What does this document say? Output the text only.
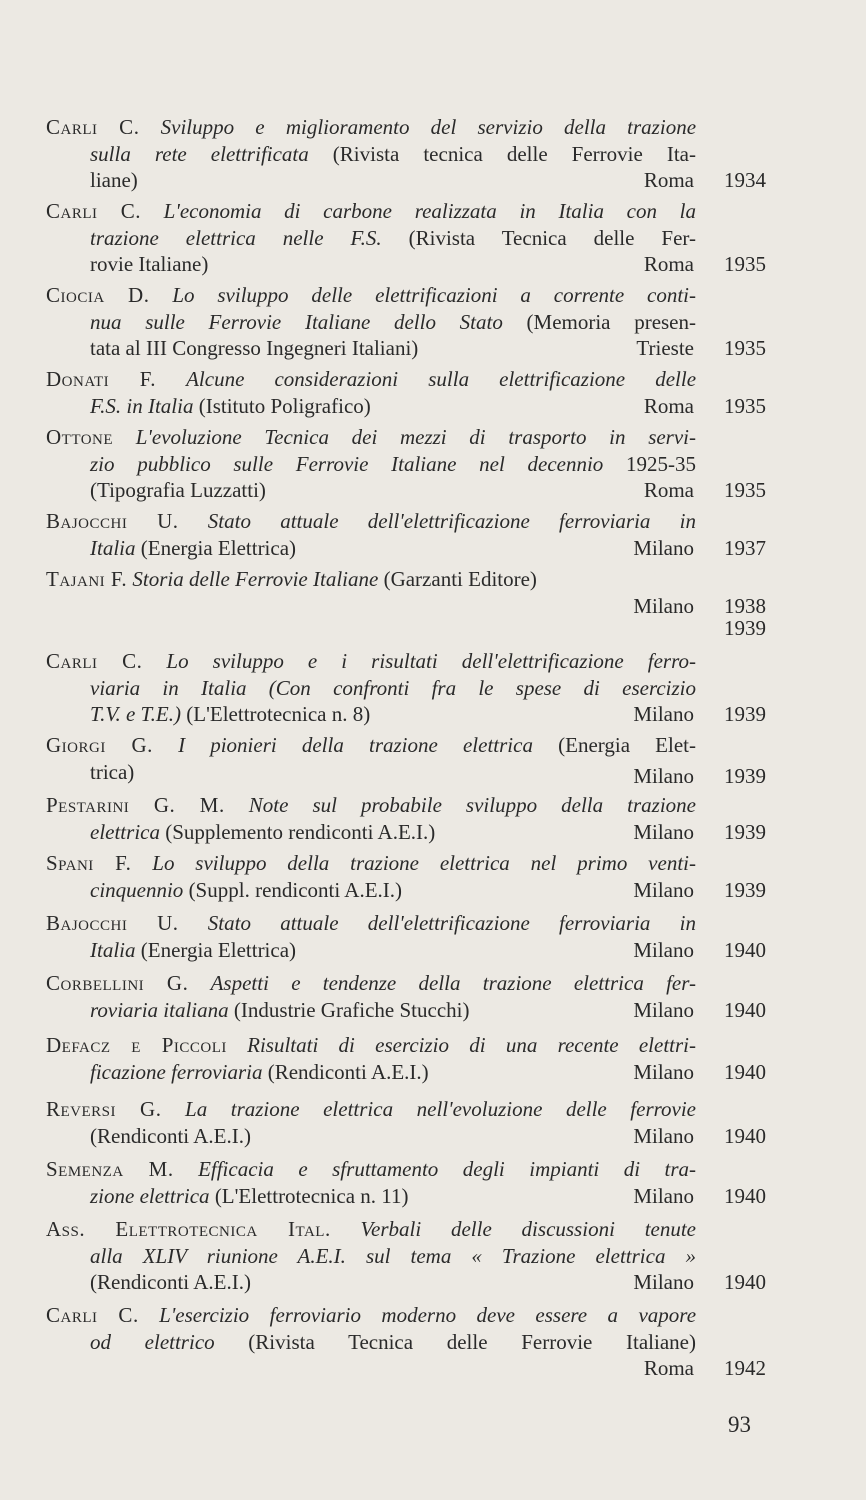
Carli C. Sviluppo e miglioramento del servizio della trazione
sulla rete elettrificata (Rivista tecnica delle Ferrovie Ita-
liane)	Roma 1934
Carli C. L'economia di carbone realizzata in Italia con la
trazione elettrica nelle F.S. (Rivista Tecnica delle Fer-
rovie Italiane)	Roma 1935
Ciocia D. Lo sviluppo delle elettrificazioni a corrente conti-
nua sulle Ferrovie Italiane dello Stato (Memoria presen-
tata al III Congresso Ingegneri Italiani)	Trieste 1935
Donati F. Alcune considerazioni sulla elettrificazione delle
F.S. in Italia (Istituto Poligrafico)	Roma 1935
Ottone L'evoluzione Tecnica dei mezzi di trasporto in servi-
zio pubblico sulle Ferrovie Italiane nel decennio 1925-35
(Tipografia Luzzatti)	Roma 1935
Bajocchi U. Stato attuale dell'elettrificazione ferroviaria in
Italia (Energia Elettrica)	Milano 1937
Tajani F. Storia delle Ferrovie Italiane (Garzanti Editore)
Milano 1938
1939
Carli C. Lo sviluppo e i risultati dell'elettrificazione ferro-
viaria in Italia (Con confronti fra le spese di esercizio
T.V. e T.E.) (L'Elettrotecnica n. 8)	Milano 1939
Giorgi G. I pionieri della trazione elettrica (Energia Elet-
trica)	Milano 1939
Pestarini G. M. Note sul probabile sviluppo della trazione
elettrica (Supplemento rendiconti A.E.I.)	Milano 1939
Spani F. Lo sviluppo della trazione elettrica nel primo venti-
cinquennio (Suppl. rendiconti A.E.I.)	Milano 1939
Bajocchi U. Stato attuale dell'elettrificazione ferroviaria in
Italia (Energia Elettrica)	Milano 1940
Corbellini G. Aspetti e tendenze della trazione elettrica fer-
roviaria italiana (Industrie Grafiche Stucchi)	Milano 1940
Defacz e Piccoli Risultati di esercizio di una recente elettri-
ficazione ferroviaria (Rendiconti A.E.I.)	Milano 1940
Reversi G. La trazione elettrica nell'evoluzione delle ferrovie
(Rendiconti A.E.I.)	Milano 1940
Semenza M. Efficacia e sfruttamento degli impianti di tra-
zione elettrica (L'Elettrotecnica n. 11)	Milano 1940
Ass. Elettrotecnica Ital. Verbali delle discussioni tenute
alla XLIV riunione A.E.I. sul tema « Trazione elettrica »
(Rendiconti A.E.I.)	Milano 1940
Carli C. L'esercizio ferroviario moderno deve essere a vapore
od elettrico (Rivista Tecnica delle Ferrovie Italiane)
Roma 1942
93
